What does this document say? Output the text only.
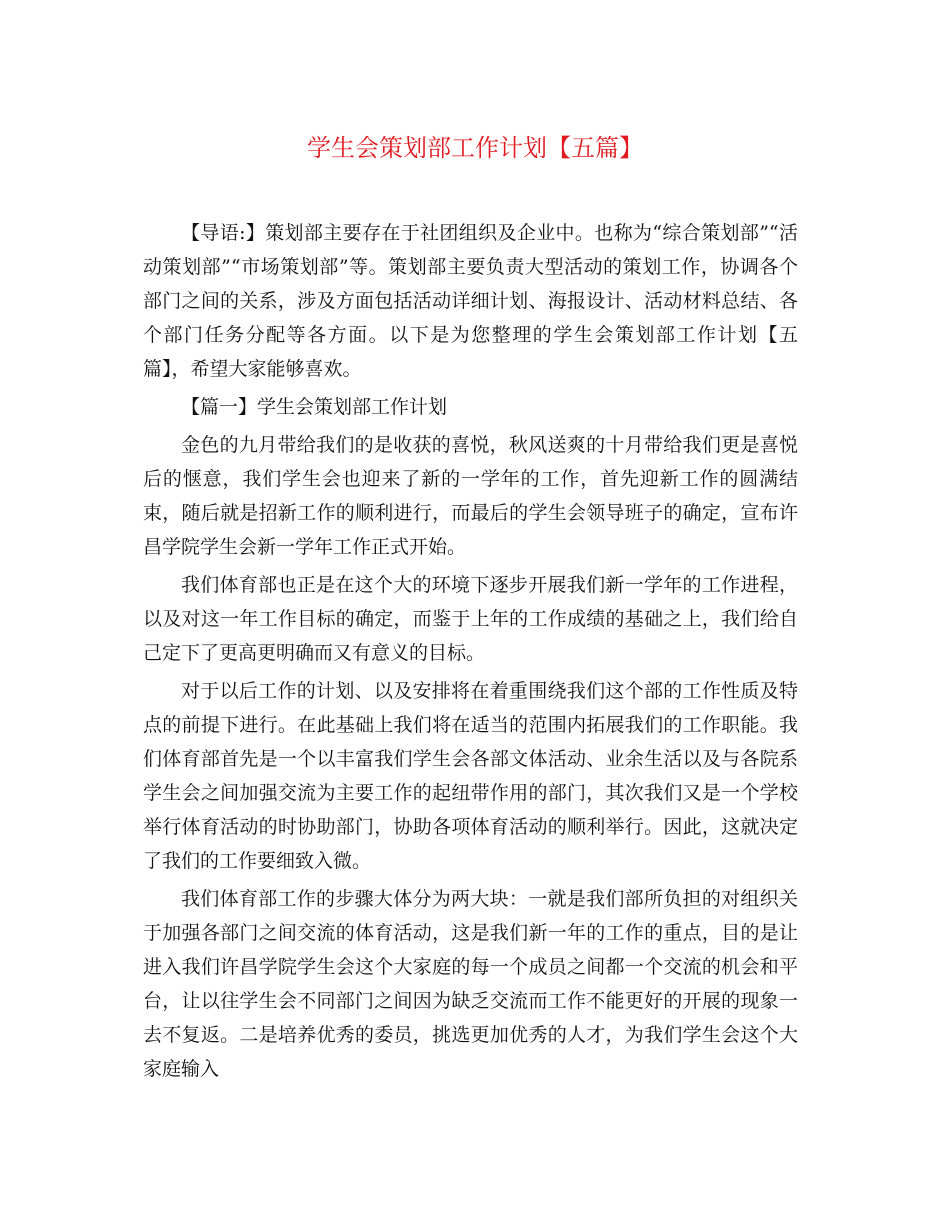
学生会策划部工作计划【五篇】

【导语:】策划部主要存在于社团组织及企业中。也称为“综合策划部”“活动策划部”“市场策划部”等。策划部主要负责大型活动的策划工作，协调各个部门之间的关系，涉及方面包括活动详细计划、海报设计、活动材料总结、各个部门任务分配等各方面。以下是为您整理的学生会策划部工作计划【五篇】，希望大家能够喜欢。

【篇一】学生会策划部工作计划

金色的九月带给我们的是收获的喜悦，秋风送爽的十月带给我们更是喜悦后的惬意，我们学生会也迎来了新的一学年的工作，首先迎新工作的圆满结束，随后就是招新工作的顺利进行，而最后的学生会领导班子的确定，宣布许昌学院学生会新一学年工作正式开始。

我们体育部也正是在这个大的环境下逐步开展我们新一学年的工作进程，以及对这一年工作目标的确定，而鉴于上年的工作成绩的基础之上，我们给自己定下了更高更明确而又有意义的目标。

对于以后工作的计划、以及安排将在着重围绕我们这个部的工作性质及特点的前提下进行。在此基础上我们将在适当的范围内拓展我们的工作职能。我们体育部首先是一个以丰富我们学生会各部文体活动、业余生活以及与各院系学生会之间加强交流为主要工作的起纽带作用的部门，其次我们又是一个学校举行体育活动的时协助部门，协助各项体育活动的顺利举行。因此，这就决定了我们的工作要细致入微。

我们体育部工作的步骤大体分为两大块：一就是我们部所负担的对组织关于加强各部门之间交流的体育活动，这是我们新一年的工作的重点，目的是让进入我们许昌学院学生会这个大家庭的每一个成员之间都一个交流的机会和平台，让以往学生会不同部门之间因为缺乏交流而工作不能更好的开展的现象一去不复返。二是培养优秀的委员，挑选更加优秀的人才，为我们学生会这个大家庭输入
